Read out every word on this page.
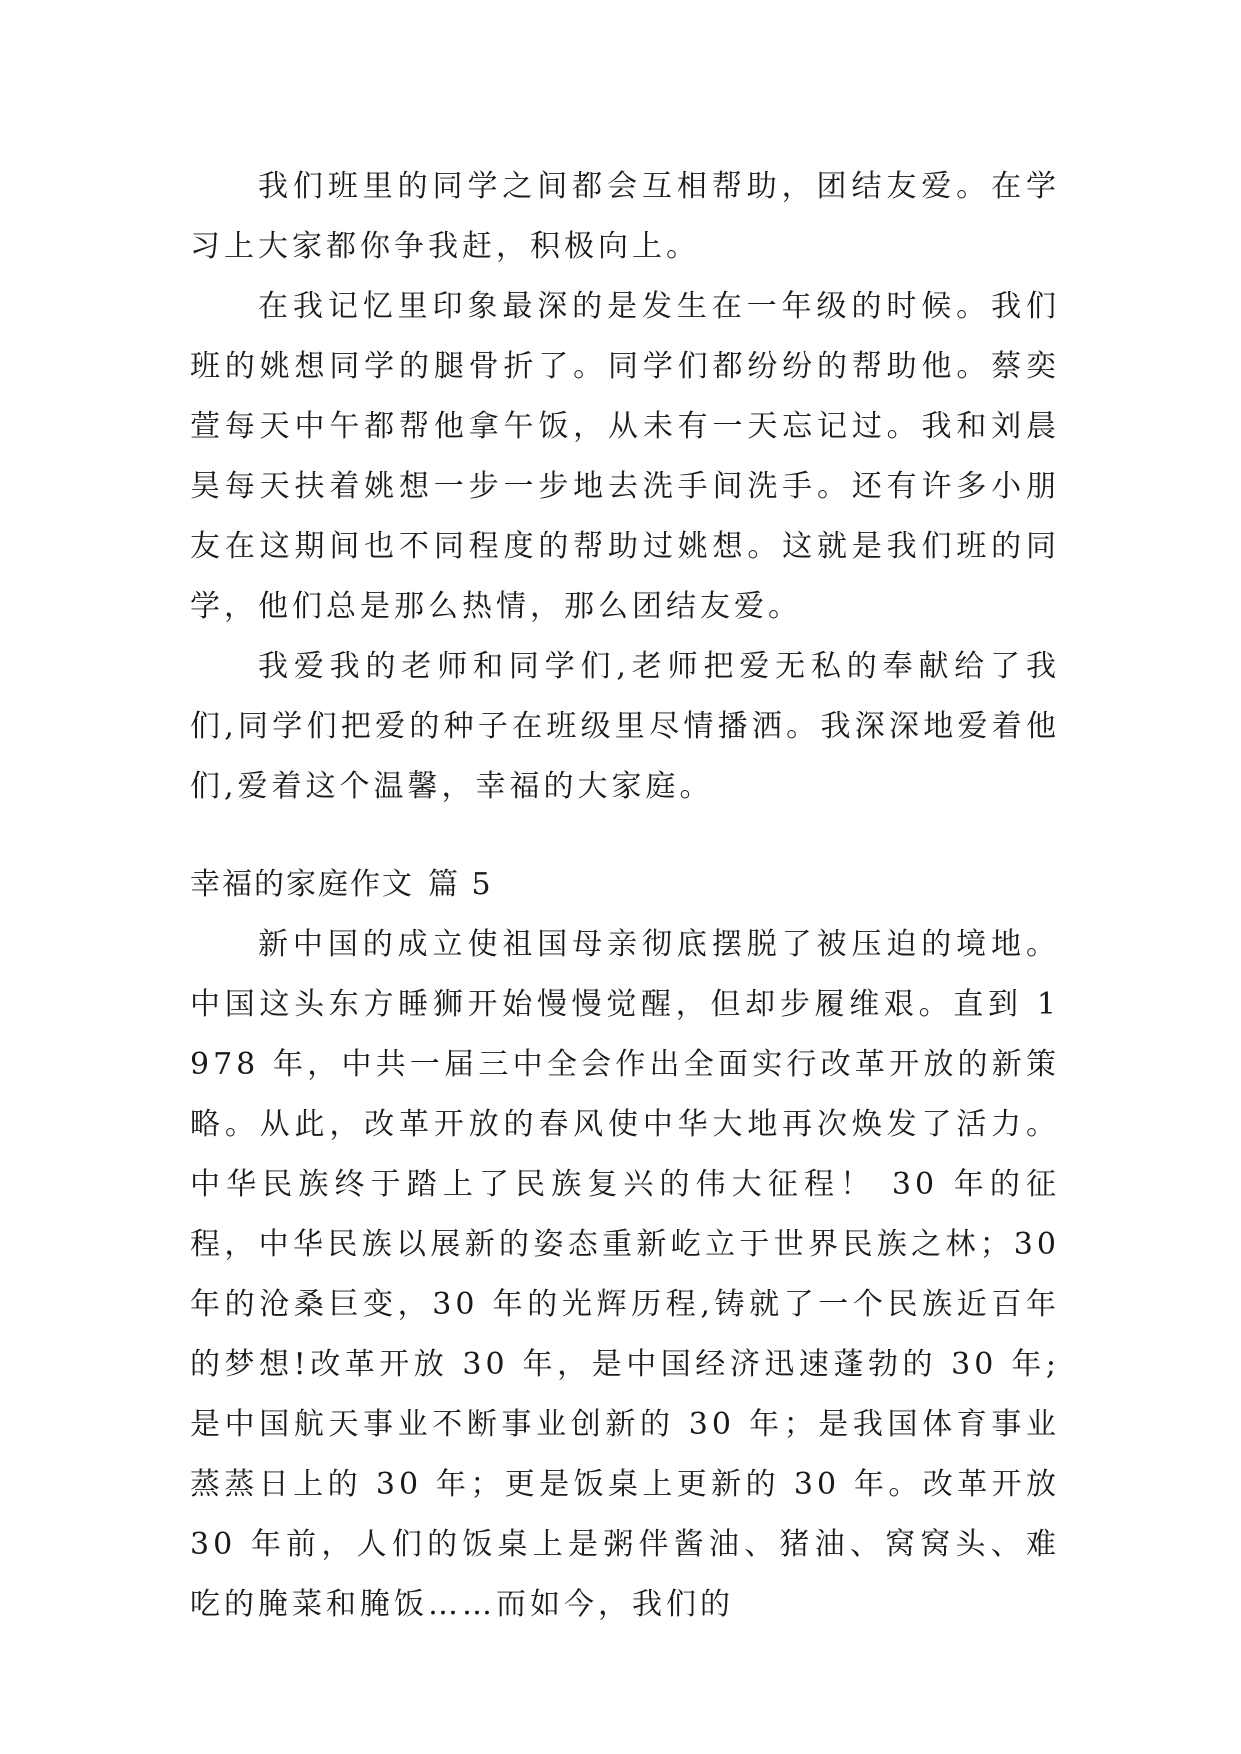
我们班里的同学之间都会互相帮助，团结友爱。在学习上大家都你争我赶，积极向上。

在我记忆里印象最深的是发生在一年级的时候。我们班的姚想同学的腿骨折了。同学们都纷纷的帮助他。蔡奕萱每天中午都帮他拿午饭，从未有一天忘记过。我和刘晨昊每天扶着姚想一步一步地去洗手间洗手。还有许多小朋友在这期间也不同程度的帮助过姚想。这就是我们班的同学，他们总是那么热情，那么团结友爱。

我爱我的老师和同学们,老师把爱无私的奉献给了我们,同学们把爱的种子在班级里尽情播洒。我深深地爱着他们,爱着这个温馨，幸福的大家庭。

幸福的家庭作文 篇 5

新中国的成立使祖国母亲彻底摆脱了被压迫的境地。中国这头东方睡狮开始慢慢觉醒，但却步履维艰。直到 1978 年，中共一届三中全会作出全面实行改革开放的新策略。从此，改革开放的春风使中华大地再次焕发了活力。中华民族终于踏上了民族复兴的伟大征程！ 30 年的征程，中华民族以展新的姿态重新屹立于世界民族之林；30 年的沧桑巨变，30 年的光辉历程,铸就了一个民族近百年的梦想!改革开放 30 年，是中国经济迅速蓬勃的 30 年;是中国航天事业不断事业创新的 30 年；是我国体育事业蒸蒸日上的 30 年；更是饭桌上更新的 30 年。改革开放 30 年前，人们的饭桌上是粥伴酱油、猪油、窝窝头、难吃的腌菜和腌饭……而如今，我们的
